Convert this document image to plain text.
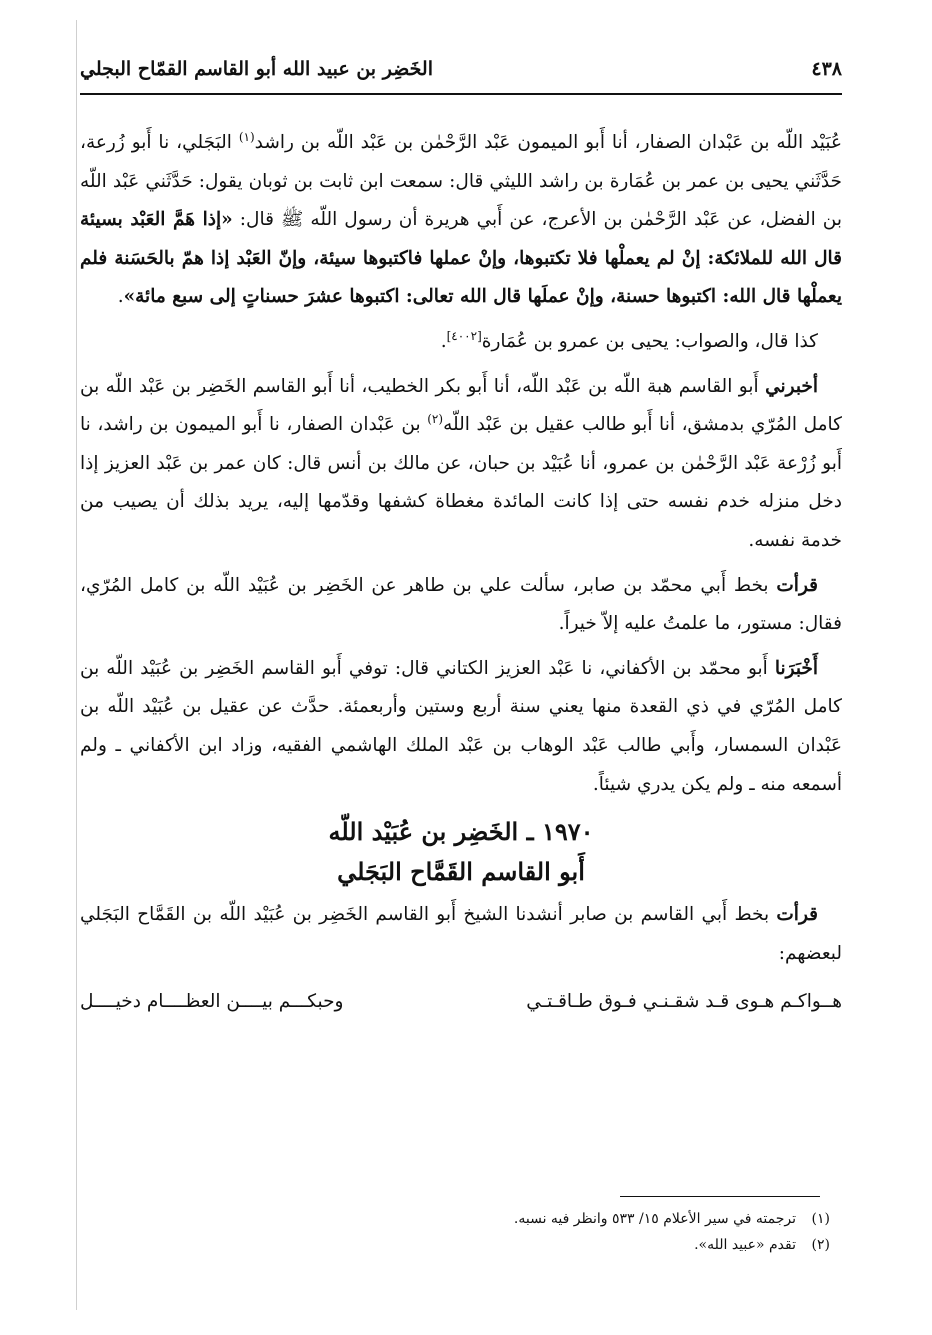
٤٣٨
الخَضِر بن عبيد الله أبو القاسم القمّاح البجلي

عُبَيْد اللّه بن عَبْدان الصفار، أنا أَبو الميمون عَبْد الرَّحْمٰن بن عَبْد اللّه بن راشد$^{(١)}$ البَجَلي، نا أَبو زُرعة، حَدَّثَني يحيى بن عمر بن عُمَارة بن راشد الليثي قال: سمعت ابن ثابت بن ثوبان يقول: حَدَّثَني عَبْد اللّه بن الفضل، عن عَبْد الرَّحْمٰن بن الأعرج، عن أَبي هريرة أن رسول اللّه ﷺ قال: «إذا هَمَّ العَبْد بسيئة قال الله للملائكة: إنْ لم يعملْها فلا تكتبوها، وإنْ عملها فاكتبوها سيئة، وإنّ العَبْد إذا همّ بالحَسَنة فلم يعملْها قال الله: اكتبوها حسنة، وإنْ عملَها قال الله تعالى: اكتبوها عشرَ حسناتٍ إلى سبع مائة».

كذا قال، والصواب: يحيى بن عمرو بن عُمَارة[٤٠٠٢].

أخبرني أَبو القاسم هبة اللّه بن عَبْد اللّه، أنا أَبو بكر الخطيب، أنا أَبو القاسم الخَضِر بن عَبْد اللّه بن كامل المُرّي بدمشق، أنا أَبو طالب عقيل بن عَبْد اللّه$^{(٢)}$ بن عَبْدان الصفار، نا أَبو الميمون بن راشد، نا أَبو زُرْعة عَبْد الرَّحْمٰن بن عمرو، أنا عُبَيْد بن حبان، عن مالك بن أنس قال: كان عمر بن عَبْد العزيز إذا دخل منزله خدم نفسه حتى إذا كانت المائدة مغطاة كشفها وقدّمها إليه، يريد بذلك أن يصيب من خدمة نفسه.

قرأت بخط أَبي محمّد بن صابر، سألت علي بن طاهر عن الخَضِر بن عُبَيْد اللّه بن كامل المُرّي، فقال: مستور، ما علمتُ عليه إلاّ خيراً.

أَخْبَرَنا أَبو محمّد بن الأكفاني، نا عَبْد العزيز الكتاني قال: توفي أَبو القاسم الخَضِر بن عُبَيْد اللّه بن كامل المُرّي في ذي القعدة منها يعني سنة أربع وستين وأربعمئة. حدَّث عن عقيل بن عُبَيْد اللّه بن عَبْدان السمسار، وأَبي طالب عَبْد الوهاب بن عَبْد الملك الهاشمي الفقيه، وزاد ابن الأكفاني ـ ولم أسمعه منه ـ ولم يكن يدري شيئاً.

١٩٧٠ ـ الخَضِر بن عُبَيْد اللّه
أَبو القاسم القَمَّاح البَجَلي

قرأت بخط أَبي القاسم بن صابر أنشدنا الشيخ أَبو القاسم الخَضِر بن عُبَيْد اللّه بن القَمَّاح البَجَلي لبعضهم:

هــواكـم هـوى قـد شقـنـي فـوق طـاقـتـي
وحبكـــم بيــــن العظــــام دخيــــل

(١)ترجمته في سير الأعلام ١٥/ ٥٣٣ وانظر فيه نسبه.

(٢)تقدم «عبيد الله».
